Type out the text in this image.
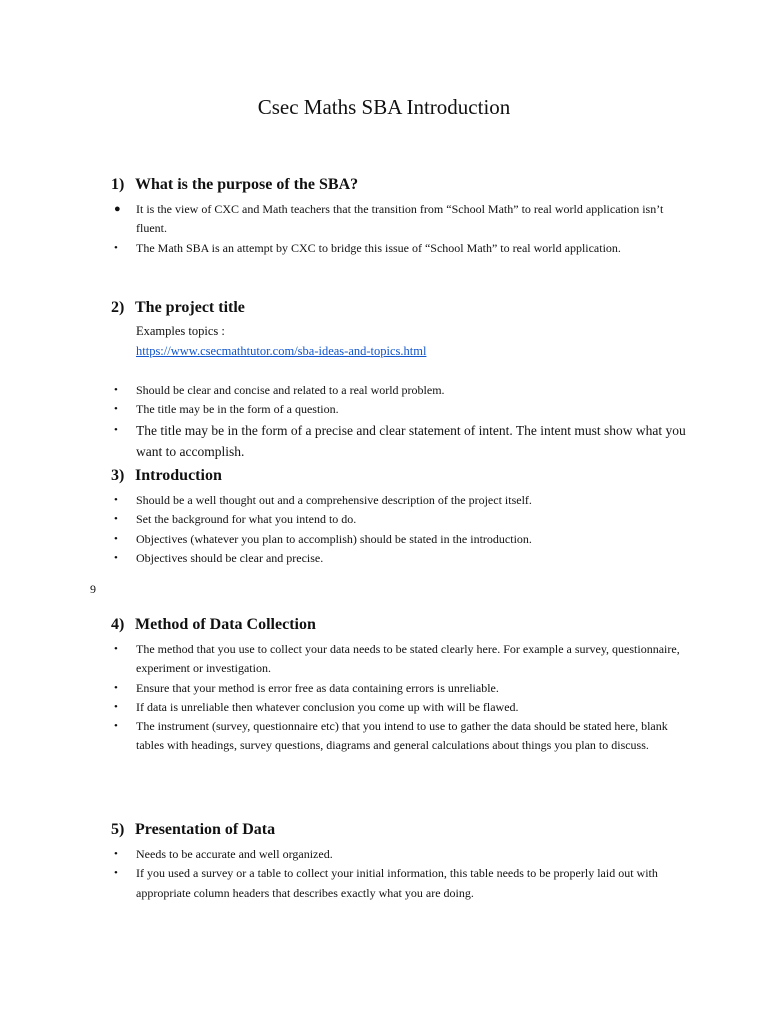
Csec Maths SBA Introduction
1) What is the purpose of the SBA?
● It is the view of CXC and Math teachers that the transition from “School Math” to real world application isn’t fluent.
• The Math SBA is an attempt by CXC to bridge this issue of “School Math” to real world application.
2) The project title
Examples topics :
https://www.csecmathtutor.com/sba-ideas-and-topics.html
• Should be clear and concise and related to a real world problem.
• The title may be in the form of a question.
• The title may be in the form of a precise and clear statement of intent. The intent must show what you want to accomplish.
3) Introduction
• Should be a well thought out and a comprehensive description of the project itself.
• Set the background for what you intend to do.
• Objectives (whatever you plan to accomplish) should be stated in the introduction.
• Objectives should be clear and precise.
9
4) Method of Data Collection
• The method that you use to collect your data needs to be stated clearly here. For example a survey, questionnaire, experiment or investigation.
• Ensure that your method is error free as data containing errors is unreliable.
• If data is unreliable then whatever conclusion you come up with will be flawed.
• The instrument (survey, questionnaire etc) that you intend to use to gather the data should be stated here, blank tables with headings, survey questions, diagrams and general calculations about things you plan to discuss.
5) Presentation of Data
• Needs to be accurate and well organized.
• If you used a survey or a table to collect your initial information, this table needs to be properly laid out with appropriate column headers that describes exactly what you are doing.
